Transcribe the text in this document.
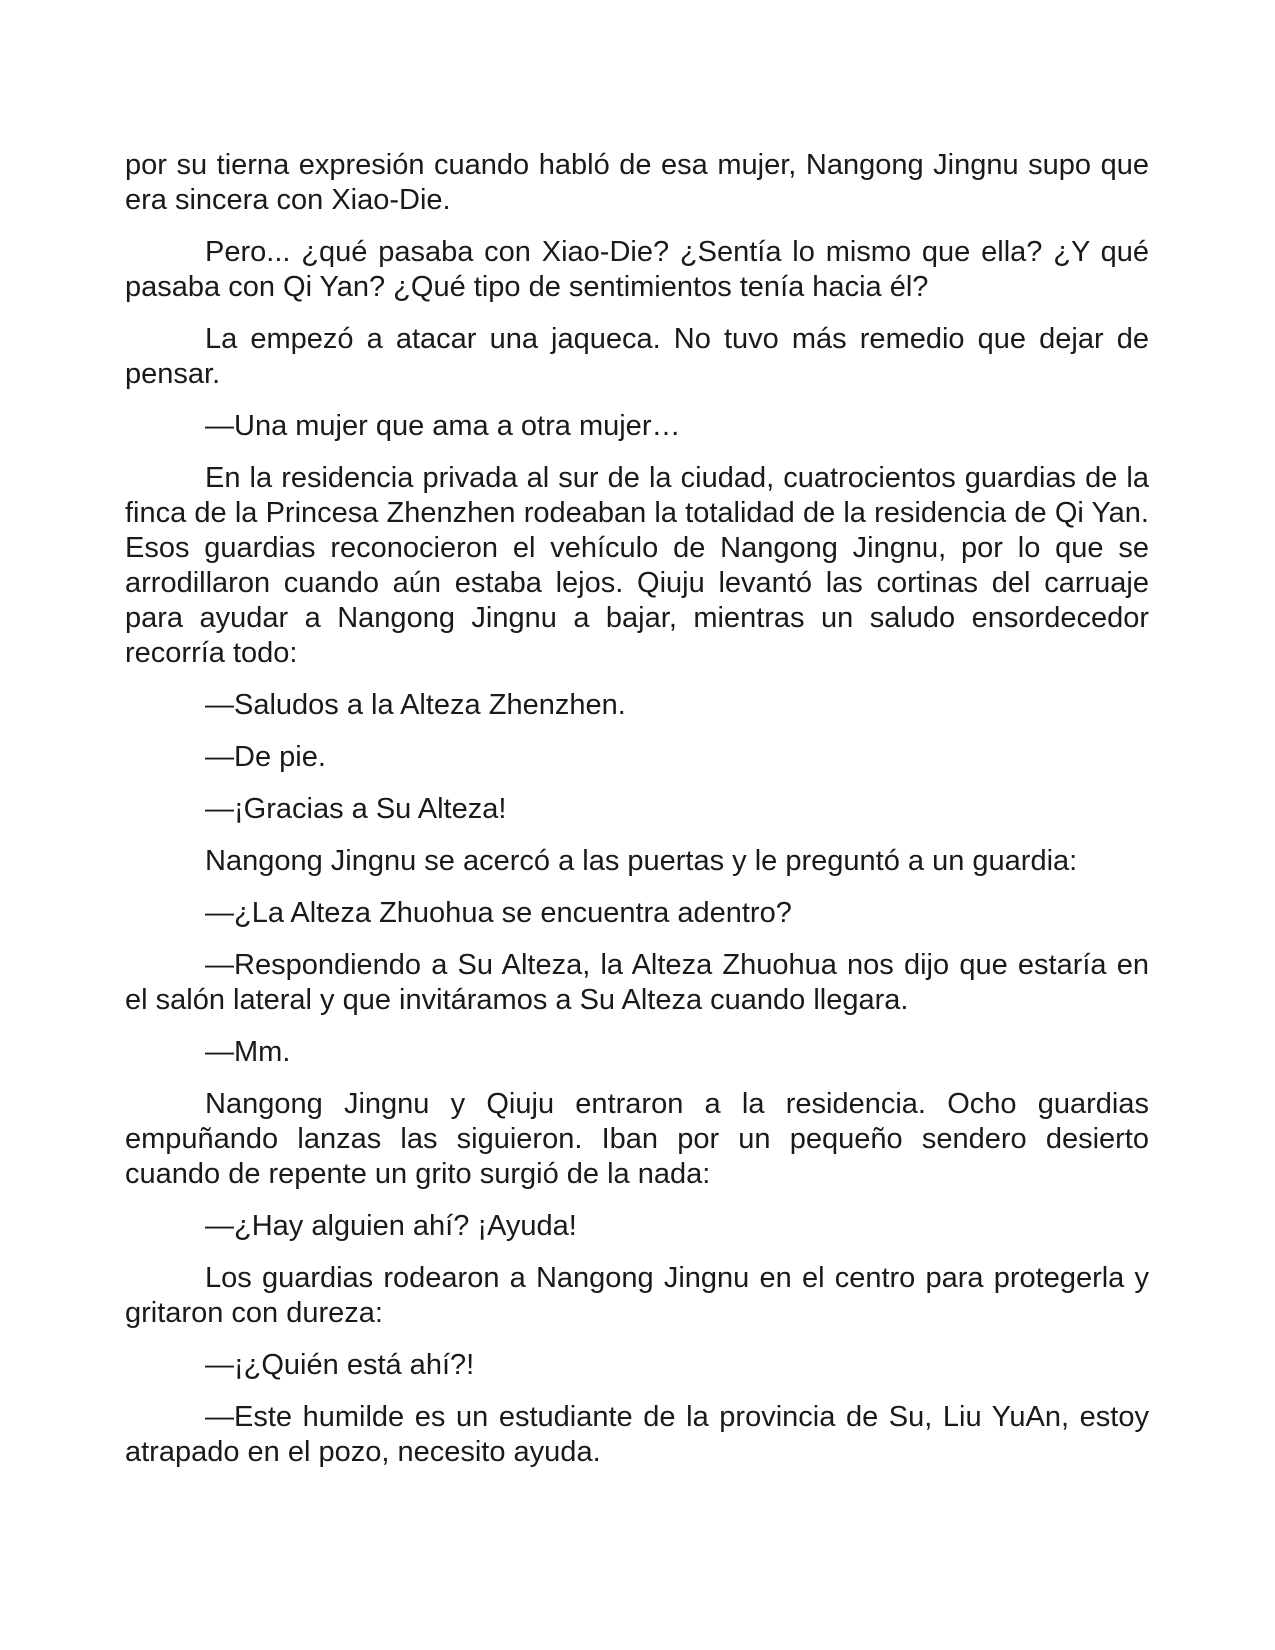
por su tierna expresión cuando habló de esa mujer, Nangong Jingnu supo que era sincera con Xiao-Die.

Pero... ¿qué pasaba con Xiao-Die? ¿Sentía lo mismo que ella? ¿Y qué pasaba con Qi Yan? ¿Qué tipo de sentimientos tenía hacia él?

La empezó a atacar una jaqueca. No tuvo más remedio que dejar de pensar.

—Una mujer que ama a otra mujer…

En la residencia privada al sur de la ciudad, cuatrocientos guardias de la finca de la Princesa Zhenzhen rodeaban la totalidad de la residencia de Qi Yan. Esos guardias reconocieron el vehículo de Nangong Jingnu, por lo que se arrodillaron cuando aún estaba lejos. Qiuju levantó las cortinas del carruaje para ayudar a Nangong Jingnu a bajar, mientras un saludo ensordecedor recorría todo:

—Saludos a la Alteza Zhenzhen.

—De pie.

—¡Gracias a Su Alteza!

Nangong Jingnu se acercó a las puertas y le preguntó a un guardia:

—¿La Alteza Zhuohua se encuentra adentro?

—Respondiendo a Su Alteza, la Alteza Zhuohua nos dijo que estaría en el salón lateral y que invitáramos a Su Alteza cuando llegara.

—Mm.

Nangong Jingnu y Qiuju entraron a la residencia. Ocho guardias empuñando lanzas las siguieron. Iban por un pequeño sendero desierto cuando de repente un grito surgió de la nada:

—¿Hay alguien ahí? ¡Ayuda!

Los guardias rodearon a Nangong Jingnu en el centro para protegerla y gritaron con dureza:

—¡¿Quién está ahí?!

—Este humilde es un estudiante de la provincia de Su, Liu YuAn, estoy atrapado en el pozo, necesito ayuda.
